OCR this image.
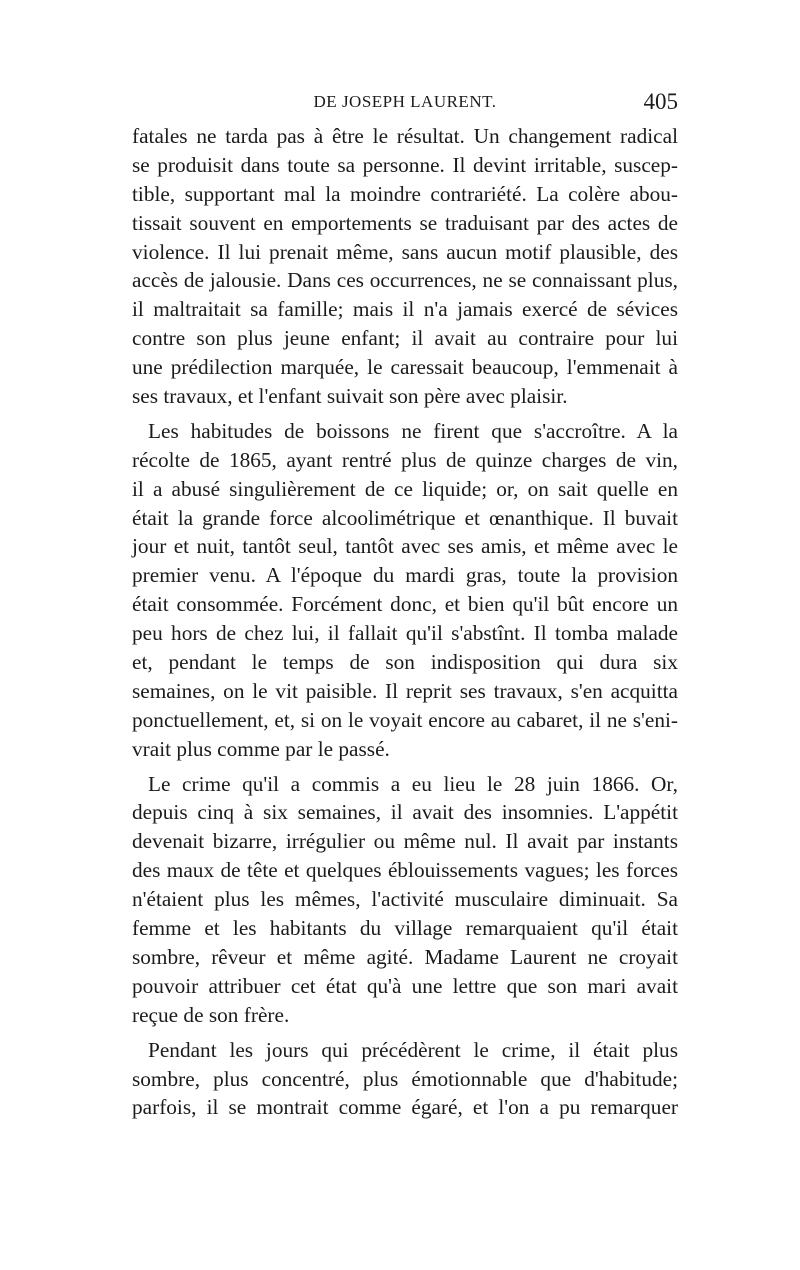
DE JOSEPH LAURENT.	405
fatales ne tarda pas à être le résultat. Un changement radical
se produisit dans toute sa personne. Il devint irritable, suscep-
tible, supportant mal la moindre contrariété. La colère abou-
tissait souvent en emportements se traduisant par des actes de
violence. Il lui prenait même, sans aucun motif plausible, des
accès de jalousie. Dans ces occurrences, ne se connaissant plus,
il maltraitait sa famille; mais il n'a jamais exercé de sévices
contre son plus jeune enfant; il avait au contraire pour lui
une prédilection marquée, le caressait beaucoup, l'emmenait à
ses travaux, et l'enfant suivait son père avec plaisir.
Les habitudes de boissons ne firent que s'accroître. A la
récolte de 1865, ayant rentré plus de quinze charges de vin,
il a abusé singulièrement de ce liquide; or, on sait quelle en
était la grande force alcoolimétrique et œnanthique. Il buvait
jour et nuit, tantôt seul, tantôt avec ses amis, et même avec le
premier venu. A l'époque du mardi gras, toute la provision
était consommée. Forcément donc, et bien qu'il bût encore un
peu hors de chez lui, il fallait qu'il s'abstînt. Il tomba malade
et, pendant le temps de son indisposition qui dura six
semaines, on le vit paisible. Il reprit ses travaux, s'en acquitta
ponctuellement, et, si on le voyait encore au cabaret, il ne s'eni-
vrait plus comme par le passé.
Le crime qu'il a commis a eu lieu le 28 juin 1866. Or,
depuis cinq à six semaines, il avait des insomnies. L'appétit
devenait bizarre, irrégulier ou même nul. Il avait par instants
des maux de tête et quelques éblouissements vagues; les forces
n'étaient plus les mêmes, l'activité musculaire diminuait. Sa
femme et les habitants du village remarquaient qu'il était
sombre, rêveur et même agité. Madame Laurent ne croyait
pouvoir attribuer cet état qu'à une lettre que son mari avait
reçue de son frère.
Pendant les jours qui précédèrent le crime, il était plus
sombre, plus concentré, plus émotionnable que d'habitude;
parfois, il se montrait comme égaré, et l'on a pu remarquer
